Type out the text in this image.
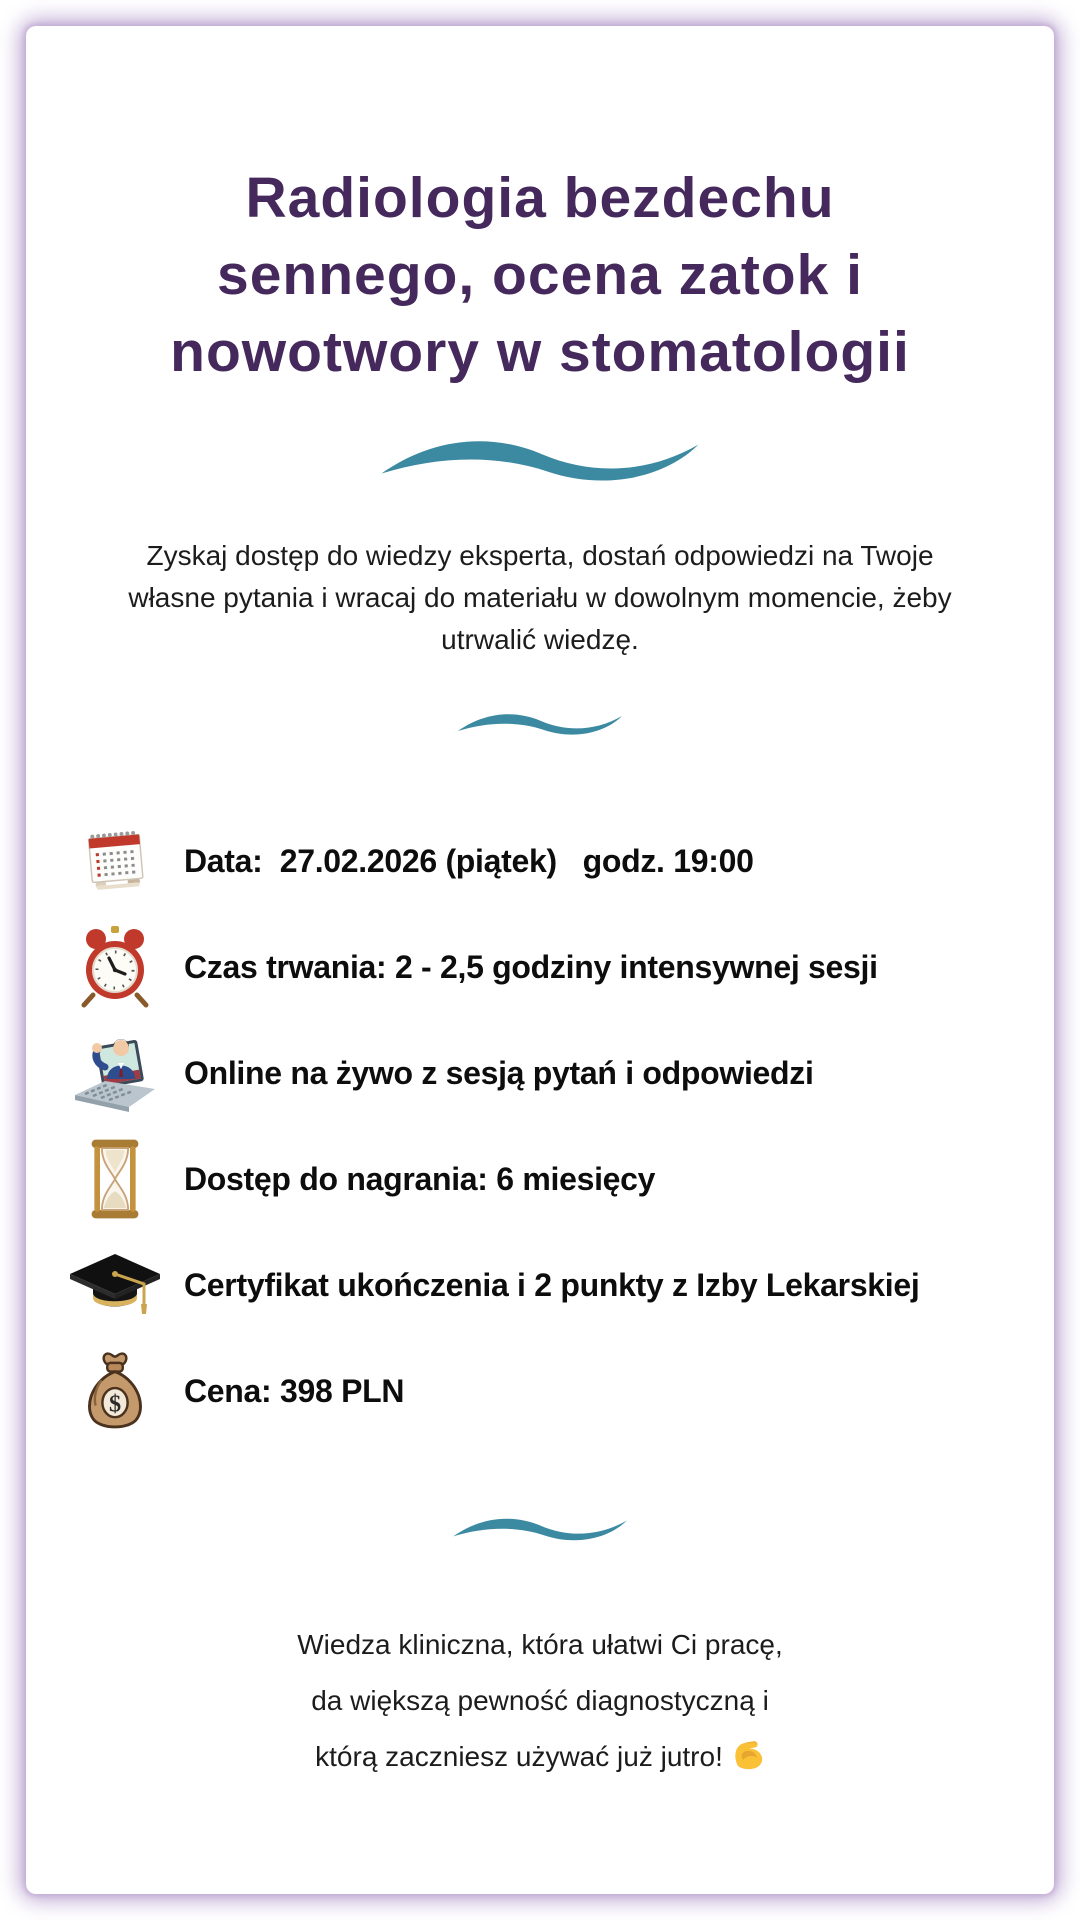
Radiologia bezdechu
sennego, ocena zatok i
nowotwory w stomatologii
Zyskaj dostęp do wiedzy eksperta, dostań odpowiedzi na Twoje
własne pytania i wracaj do materiału w dowolnym momencie, żeby
utrwalić wiedzę.
Data:  27.02.2026 (piątek)   godz. 19:00
Czas trwania: 2 - 2,5 godziny intensywnej sesji
Online na żywo z sesją pytań i odpowiedzi
Dostęp do nagrania: 6 miesięcy
Certyfikat ukończenia i 2 punkty z Izby Lekarskiej
$ Cena: 398 PLN
Wiedza kliniczna, która ułatwi Ci pracę,
da większą pewność diagnostyczną i
którą zaczniesz używać już jutro!
